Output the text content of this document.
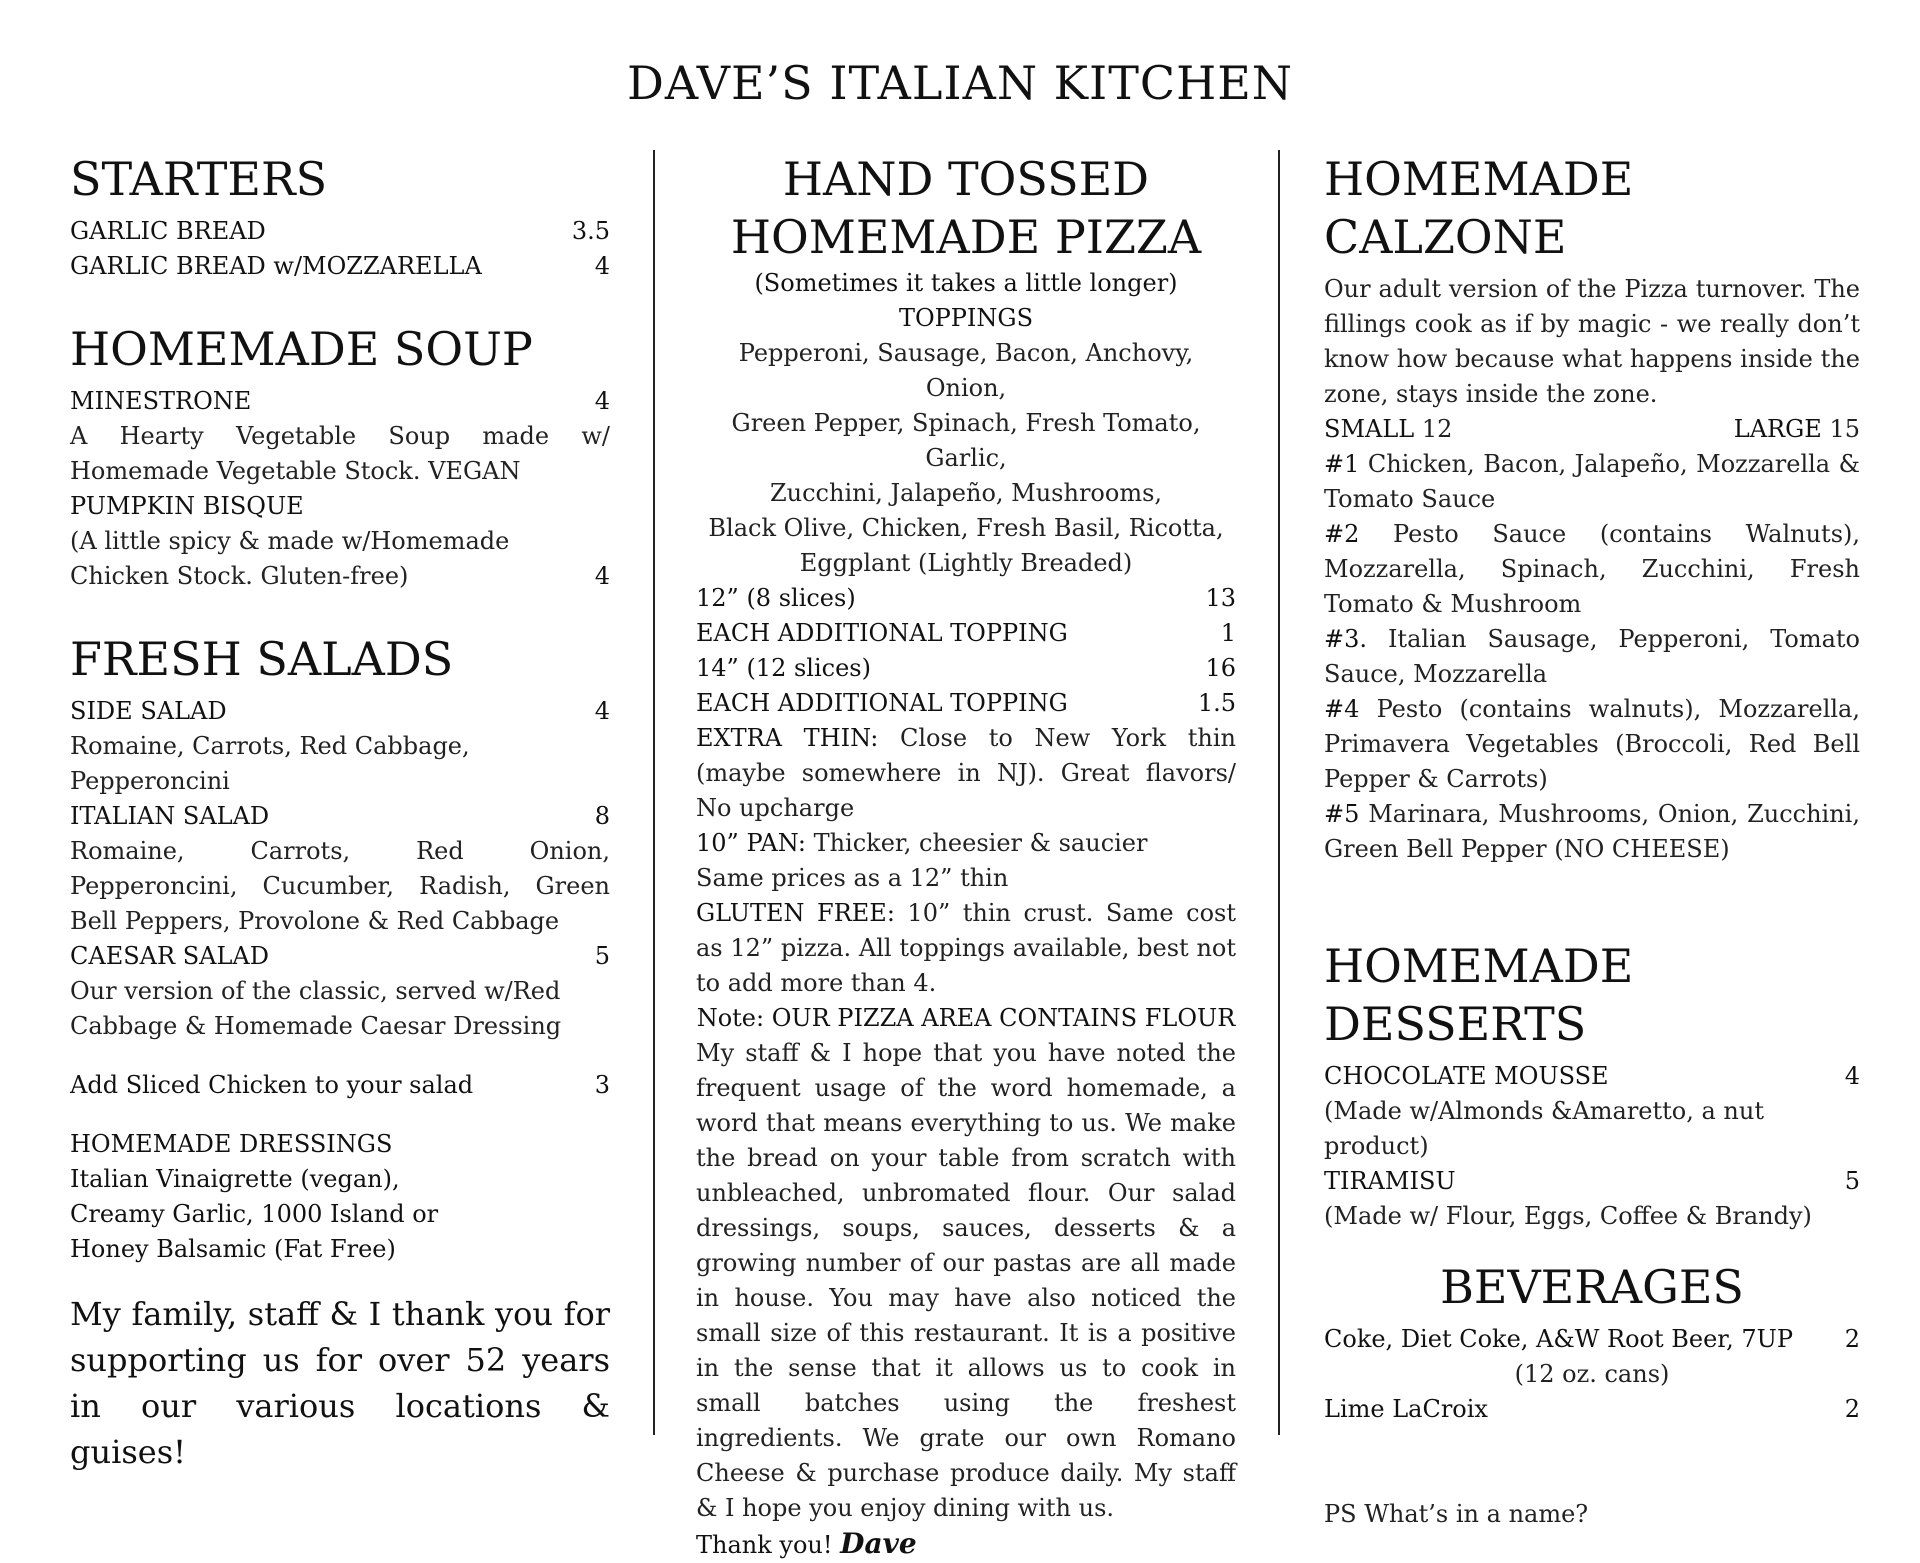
DAVE’S ITALIAN KITCHEN
STARTERS
GARLIC BREAD	3.5
GARLIC BREAD w/MOZZARELLA	4
HOMEMADE SOUP
MINESTRONE	4
A Hearty Vegetable Soup made w/ Homemade Vegetable Stock. VEGAN
PUMPKIN BISQUE
(A little spicy & made w/Homemade Chicken Stock. Gluten-free)	4
FRESH SALADS
SIDE SALAD	4
Romaine, Carrots, Red Cabbage, Pepperoncini
ITALIAN SALAD	8
Romaine, Carrots, Red Onion, Pepperoncini, Cucumber, Radish, Green Bell Peppers, Provolone & Red Cabbage
CAESAR SALAD	5
Our version of the classic, served w/Red Cabbage & Homemade Caesar Dressing
Add Sliced Chicken to your salad	3
HOMEMADE DRESSINGS
Italian Vinaigrette (vegan),
Creamy Garlic, 1000 Island or
Honey Balsamic (Fat Free)
My family, staff & I thank you for supporting us for over 52 years in our various locations & guises!
HAND TOSSED
HOMEMADE PIZZA
(Sometimes it takes a little longer)
TOPPINGS
Pepperoni, Sausage, Bacon, Anchovy, Onion,
Green Pepper, Spinach, Fresh Tomato, Garlic,
Zucchini, Jalapeño, Mushrooms,
Black Olive, Chicken, Fresh Basil, Ricotta,
Eggplant (Lightly Breaded)
12” (8 slices)	13
EACH ADDITIONAL TOPPING	1
14” (12 slices)	16
EACH ADDITIONAL TOPPING	1.5
EXTRA THIN: Close to New York thin (maybe somewhere in NJ). Great flavors/ No upcharge
10” PAN: Thicker, cheesier & saucier
Same prices as a 12” thin
GLUTEN FREE: 10” thin crust. Same cost as 12” pizza. All toppings available, best not to add more than 4.
Note: OUR PIZZA AREA CONTAINS FLOUR
My staff & I hope that you have noted the frequent usage of the word homemade, a word that means everything to us. We make the bread on your table from scratch with unbleached, unbromated flour. Our salad dressings, soups, sauces, desserts & a growing number of our pastas are all made in house. You may have also noticed the small size of this restaurant. It is a positive in the sense that it allows us to cook in small batches using the freshest ingredients. We grate our own Romano Cheese & purchase produce daily. My staff & I hope you enjoy dining with us.
Thank you! Dave
HOMEMADE CALZONE
Our adult version of the Pizza turnover. The fillings cook as if by magic - we really don’t know how because what happens inside the zone, stays inside the zone.
SMALL 12	LARGE 15
#1 Chicken, Bacon, Jalapeño, Mozzarella & Tomato Sauce
#2 Pesto Sauce (contains Walnuts), Mozzarella, Spinach, Zucchini, Fresh Tomato & Mushroom
#3. Italian Sausage, Pepperoni, Tomato Sauce, Mozzarella
#4 Pesto (contains walnuts), Mozzarella, Primavera Vegetables (Broccoli, Red Bell Pepper & Carrots)
#5 Marinara, Mushrooms, Onion, Zucchini, Green Bell Pepper (NO CHEESE)
HOMEMADE DESSERTS
CHOCOLATE MOUSSE	4
(Made w/Almonds &Amaretto, a nut product)
TIRAMISU	5
(Made w/ Flour, Eggs, Coffee & Brandy)
BEVERAGES
Coke, Diet Coke, A&W Root Beer, 7UP	2
(12 oz. cans)
Lime LaCroix	2
PS What’s in a name?
